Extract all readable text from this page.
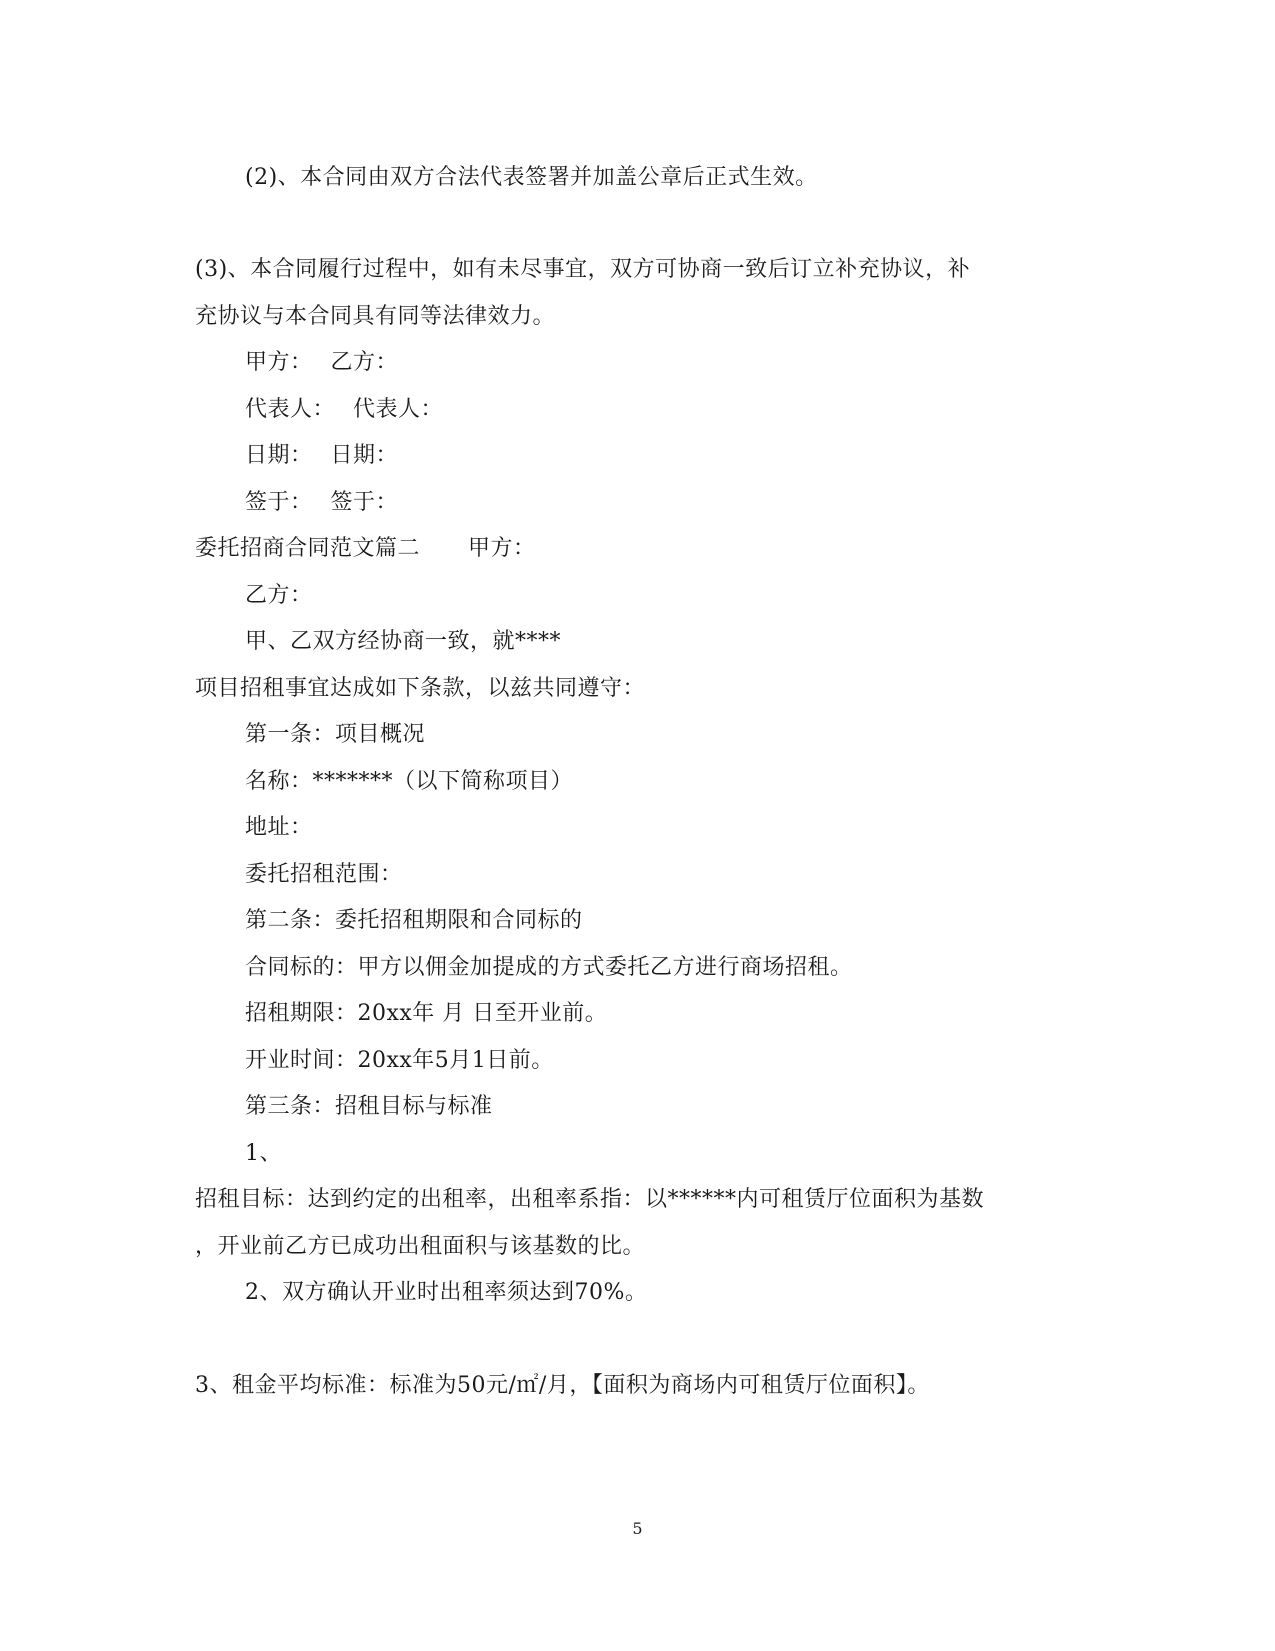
(2)、本合同由双方合法代表签署并加盖公章后正式生效。
(3)、本合同履行过程中，如有未尽事宜，双方可协商一致后订立补充协议，补
充协议与本合同具有同等法律效力。
甲方： 乙方：
代表人： 代表人：
日期： 日期：
签于： 签于：
委托招商合同范文篇二 甲方：
乙方：
甲、乙双方经协商一致，就****
项目招租事宜达成如下条款，以兹共同遵守：
第一条：项目概况
名称：*******（以下简称项目）
地址：
委托招租范围：
第二条：委托招租期限和合同标的
合同标的：甲方以佣金加提成的方式委托乙方进行商场招租。
招租期限：20xx年 月 日至开业前。
开业时间：20xx年5月1日前。
第三条：招租目标与标准
1、
招租目标：达到约定的出租率，出租率系指：以******内可租赁厅位面积为基数
，开业前乙方已成功出租面积与该基数的比。
2、双方确认开业时出租率须达到70%。
3、租金平均标准：标准为50元/㎡/月，【面积为商场内可租赁厅位面积】。
5
